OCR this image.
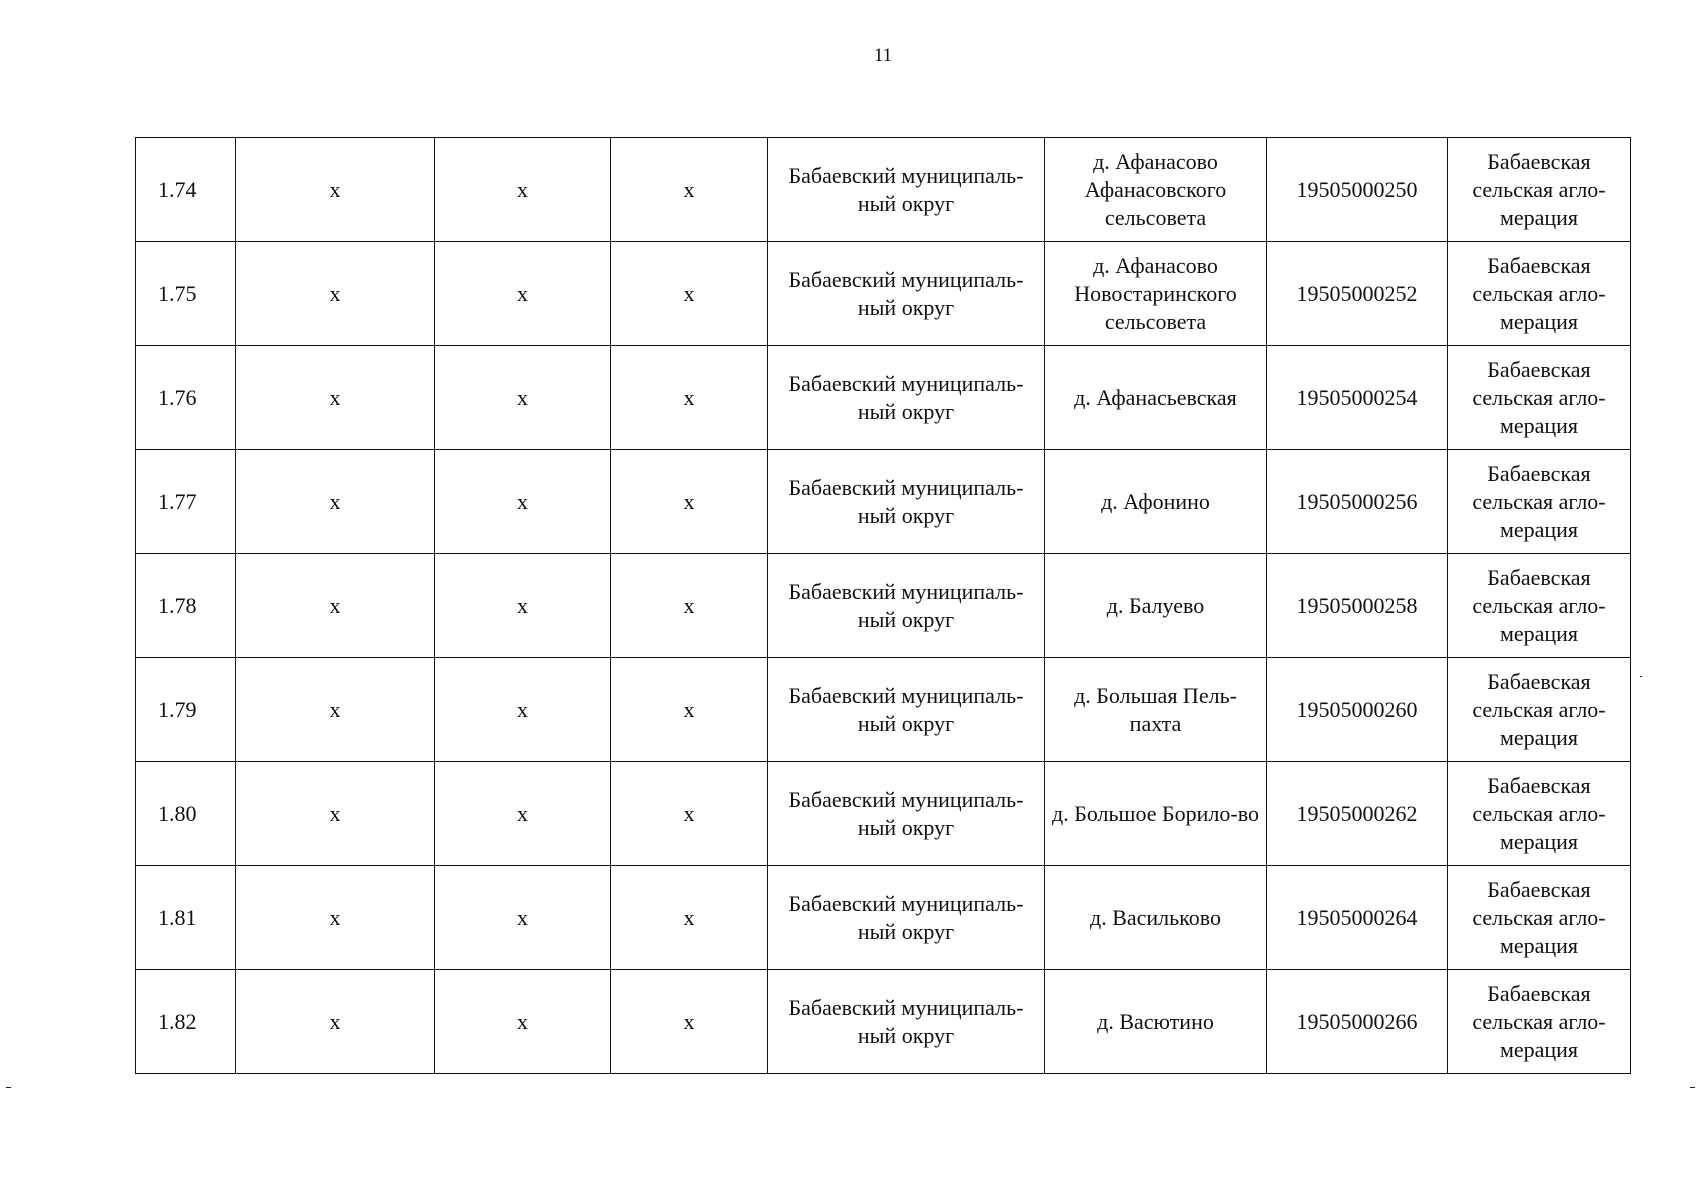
11
1.74	х	х	х	Бабаевский муниципаль-ный округ	д. Афанасово Афанасовского сельсовета	19505000250	Бабаевская сельская агло-мерация
1.75	х	х	х	Бабаевский муниципаль-ный округ	д. Афанасово Новостаринского сельсовета	19505000252	Бабаевская сельская агло-мерация
1.76	х	х	х	Бабаевский муниципаль-ный округ	д. Афанасьевская	19505000254	Бабаевская сельская агло-мерация
1.77	х	х	х	Бабаевский муниципаль-ный округ	д. Афонино	19505000256	Бабаевская сельская агло-мерация
1.78	х	х	х	Бабаевский муниципаль-ный округ	д. Балуево	19505000258	Бабаевская сельская агло-мерация
1.79	х	х	х	Бабаевский муниципаль-ный округ	д. Большая Пель-пахта	19505000260	Бабаевская сельская агло-мерация
1.80	х	х	х	Бабаевский муниципаль-ный округ	д. Большое Борило-во	19505000262	Бабаевская сельская агло-мерация
1.81	х	х	х	Бабаевский муниципаль-ный округ	д. Васильково	19505000264	Бабаевская сельская агло-мерация
1.82	х	х	х	Бабаевский муниципаль-ный округ	д. Васютино	19505000266	Бабаевская сельская агло-мерация
